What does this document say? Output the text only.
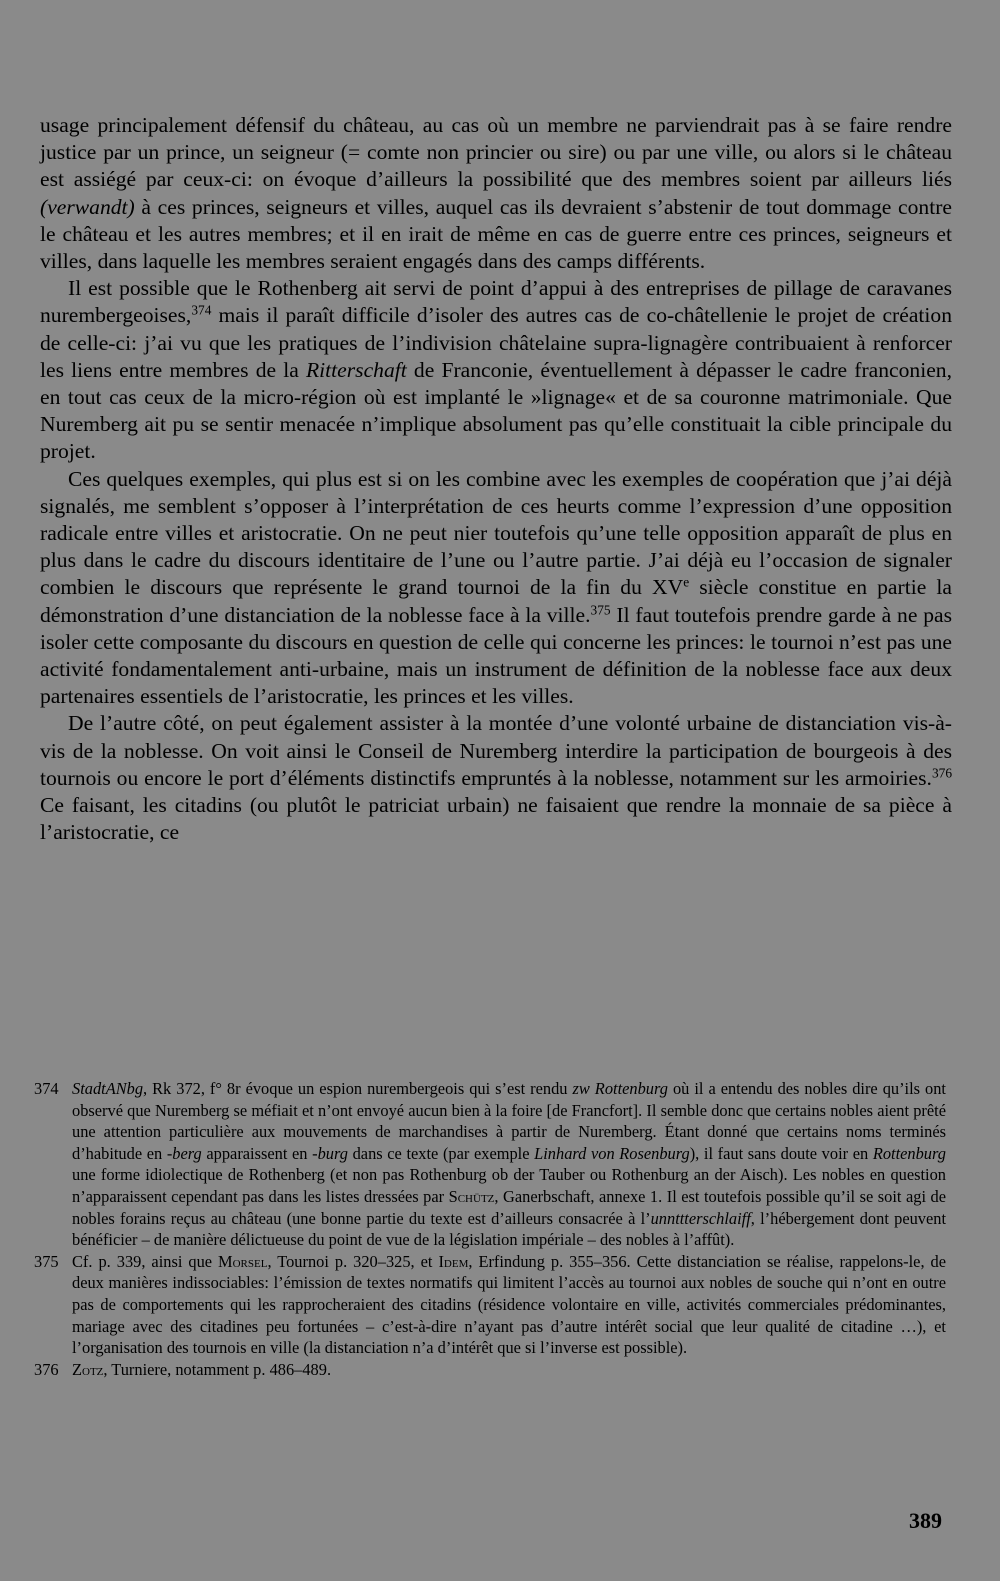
usage principalement défensif du château, au cas où un membre ne parviendrait pas à se faire rendre justice par un prince, un seigneur (= comte non princier ou sire) ou par une ville, ou alors si le château est assiégé par ceux-ci: on évoque d’ailleurs la possibilité que des membres soient par ailleurs liés (verwandt) à ces princes, seigneurs et villes, auquel cas ils devraient s’abstenir de tout dommage contre le château et les autres membres; et il en irait de même en cas de guerre entre ces princes, seigneurs et villes, dans laquelle les membres seraient engagés dans des camps différents.

Il est possible que le Rothenberg ait servi de point d’appui à des entreprises de pillage de caravanes nurembergeoises,$^{374}$ mais il paraît difficile d’isoler des autres cas de co-châtellenie le projet de création de celle-ci: j’ai vu que les pratiques de l’indivision châtelaine supra-lignagère contribuaient à renforcer les liens entre membres de la Ritterschaft de Franconie, éventuellement à dépasser le cadre franconien, en tout cas ceux de la micro-région où est implanté le »lignage« et de sa couronne matrimoniale. Que Nuremberg ait pu se sentir menacée n’implique absolument pas qu’elle constituait la cible principale du projet.

Ces quelques exemples, qui plus est si on les combine avec les exemples de coopération que j’ai déjà signalés, me semblent s’opposer à l’interprétation de ces heurts comme l’expression d’une opposition radicale entre villes et aristocratie. On ne peut nier toutefois qu’une telle opposition apparaît de plus en plus dans le cadre du discours identitaire de l’une ou l’autre partie. J’ai déjà eu l’occasion de signaler combien le discours que représente le grand tournoi de la fin du XVe siècle constitue en partie la démonstration d’une distanciation de la noblesse face à la ville.$^{375}$ Il faut toutefois prendre garde à ne pas isoler cette composante du discours en question de celle qui concerne les princes: le tournoi n’est pas une activité fondamentalement anti-urbaine, mais un instrument de définition de la noblesse face aux deux partenaires essentiels de l’aristocratie, les princes et les villes.

De l’autre côté, on peut également assister à la montée d’une volonté urbaine de distanciation vis-à-vis de la noblesse. On voit ainsi le Conseil de Nuremberg interdire la participation de bourgeois à des tournois ou encore le port d’éléments distinctifs empruntés à la noblesse, notamment sur les armoiries.$^{376}$ Ce faisant, les citadins (ou plutôt le patriciat urbain) ne faisaient que rendre la monnaie de sa pièce à l’aristocratie, ce

374 StadtANbg, Rk 372, f° 8r évoque un espion nurembergeois qui s’est rendu zw Rottenburg où il a entendu des nobles dire qu’ils ont observé que Nuremberg se méfiait et n’ont envoyé aucun bien à la foire [de Francfort]. Il semble donc que certains nobles aient prêté une attention particulière aux mouvements de marchandises à partir de Nuremberg. Étant donné que certains noms terminés d’habitude en -berg apparaissent en -burg dans ce texte (par exemple Linhard von Rosenburg), il faut sans doute voir en Rottenburg une forme idiolectique de Rothenberg (et non pas Rothenburg ob der Tauber ou Rothenburg an der Aisch). Les nobles en question n’apparaissent cependant pas dans les listes dressées par Schütz, Ganerbschaft, annexe 1. Il est toutefois possible qu’il se soit agi de nobles forains reçus au château (une bonne partie du texte est d’ailleurs consacrée à l’unnttterschlaiff, l’hébergement dont peuvent bénéficier – de manière délictueuse du point de vue de la législation impériale – des nobles à l’affût).

375 Cf. p. 339, ainsi que Morsel, Tournoi p. 320–325, et Idem, Erfindung p. 355–356. Cette distanciation se réalise, rappelons-le, de deux manières indissociables: l’émission de textes normatifs qui limitent l’accès au tournoi aux nobles de souche qui n’ont en outre pas de comportements qui les rapprocheraient des citadins (résidence volontaire en ville, activités commerciales prédominantes, mariage avec des citadines peu fortunées – c’est-à-dire n’ayant pas d’autre intérêt social que leur qualité de citadine …), et l’organisation des tournois en ville (la distanciation n’a d’intérêt que si l’inverse est possible).

376 Zotz, Turniere, notamment p. 486–489.

389
